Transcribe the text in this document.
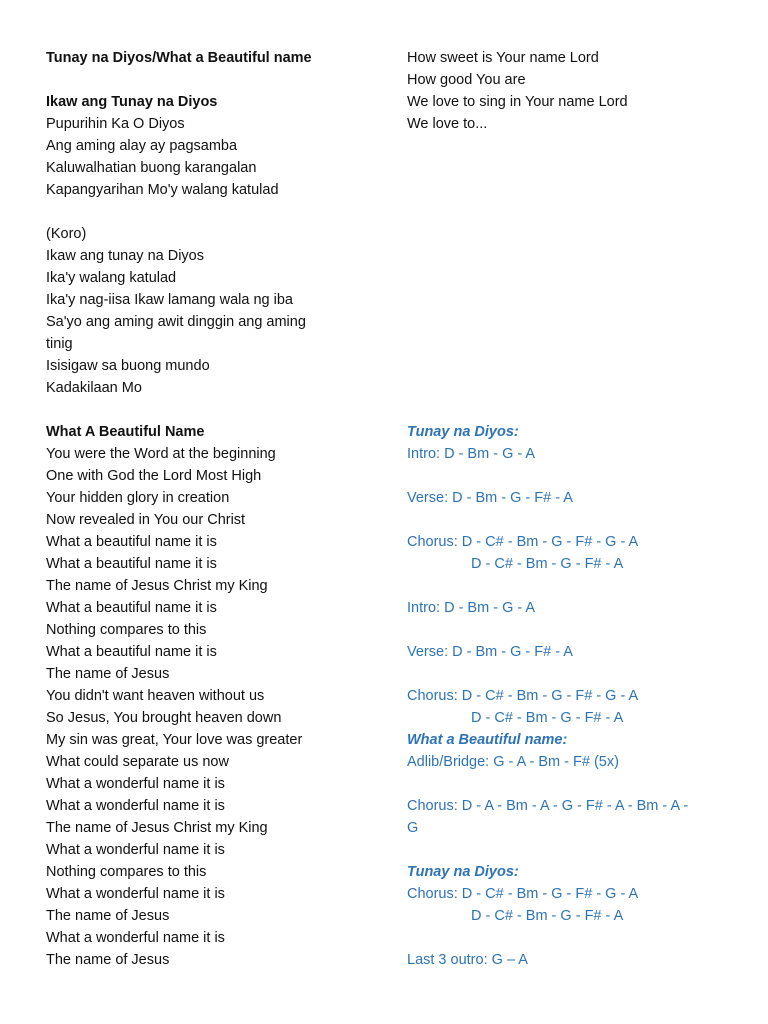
Tunay na Diyos/What a Beautiful name
Ikaw ang Tunay na Diyos
Pupurihin Ka O Diyos
Ang aming alay ay pagsamba
Kaluwalhatian buong karangalan
Kapangyarihan Mo'y walang katulad
(Koro)
Ikaw ang tunay na Diyos
Ika'y walang katulad
Ika'y nag-iisa Ikaw lamang wala ng iba
Sa'yo ang aming awit dinggin ang aming
tinig
Isisigaw sa buong mundo
Kadakilaan Mo
What A Beautiful Name
You were the Word at the beginning
One with God the Lord Most High
Your hidden glory in creation
Now revealed in You our Christ
What a beautiful name it is
What a beautiful name it is
The name of Jesus Christ my King
What a beautiful name it is
Nothing compares to this
What a beautiful name it is
The name of Jesus
You didn't want heaven without us
So Jesus, You brought heaven down
My sin was great, Your love was greater
What could separate us now
What a wonderful name it is
What a wonderful name it is
The name of Jesus Christ my King
What a wonderful name it is
Nothing compares to this
What a wonderful name it is
The name of Jesus
What a wonderful name it is
The name of Jesus
How sweet is Your name Lord
How good You are
We love to sing in Your name Lord
We love to...
Tunay na Diyos:
Intro: D - Bm - G - A
Verse: D - Bm - G - F# - A
Chorus: D - C# - Bm - G - F# - G - A
D - C# - Bm - G - F# - A
Intro: D - Bm - G - A
Verse: D - Bm - G - F# - A
Chorus: D - C# - Bm - G - F# - G - A
D - C# - Bm - G - F# - A
What a Beautiful name:
Adlib/Bridge: G - A - Bm - F# (5x)
Chorus: D - A - Bm - A - G - F# - A - Bm - A -
G
Tunay na Diyos:
Chorus: D - C# - Bm - G - F# - G - A
D - C# - Bm - G - F# - A
Last 3 outro: G – A
